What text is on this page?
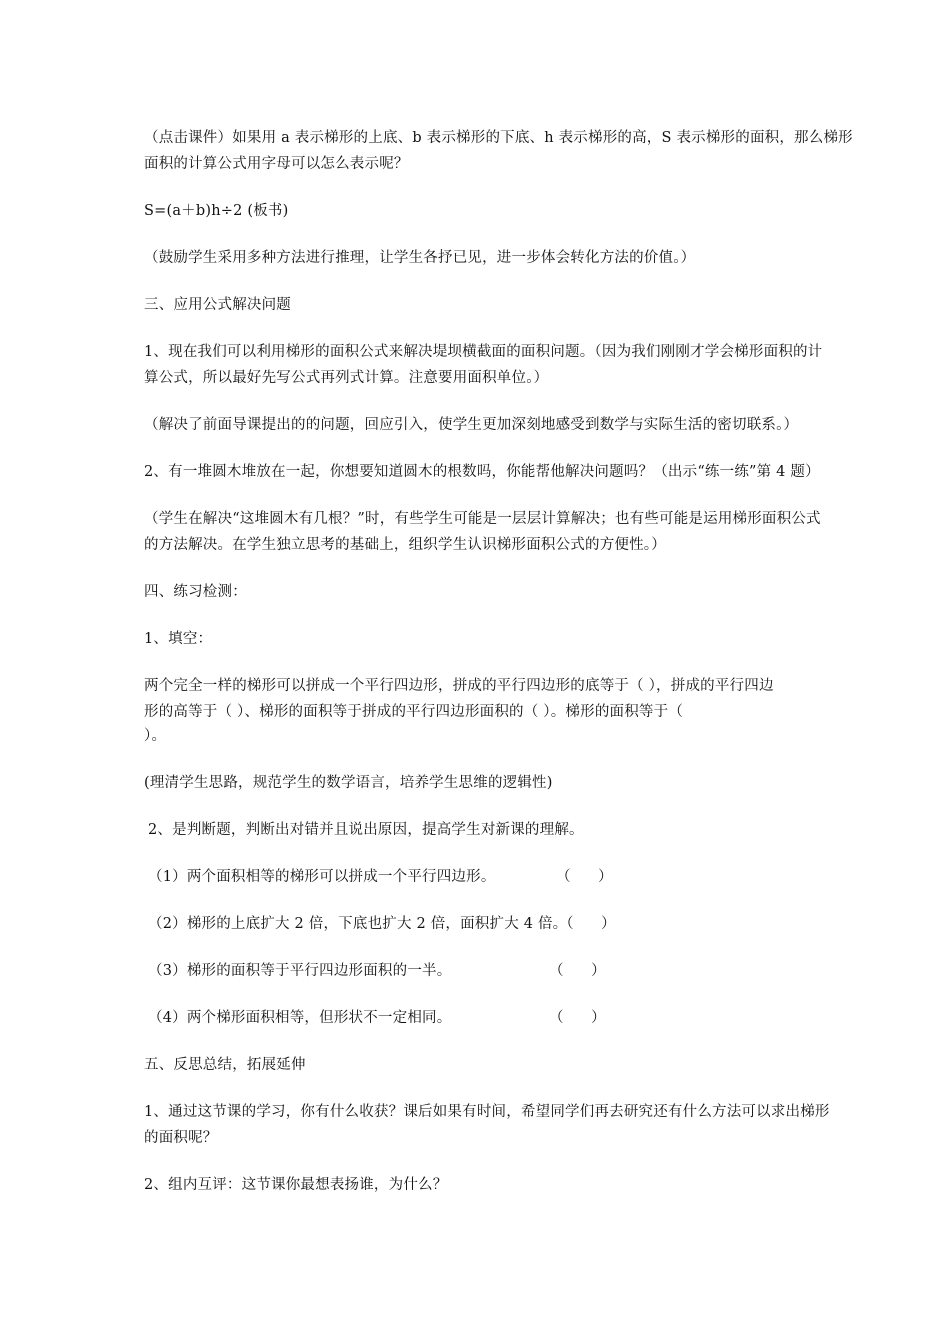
（点击课件）如果用 a 表示梯形的上底、b 表示梯形的下底、h 表示梯形的高，S 表示梯形的面积，那么梯形
面积的计算公式用字母可以怎么表示呢？
S=(a＋b)h÷2 (板书)
（鼓励学生采用多种方法进行推理，让学生各抒已见，进一步体会转化方法的价值。）
三、应用公式解决问题
1、现在我们可以利用梯形的面积公式来解决堤坝横截面的面积问题。（因为我们刚刚才学会梯形面积的计
算公式，所以最好先写公式再列式计算。注意要用面积单位。）
（解决了前面导课提出的的问题，回应引入，使学生更加深刻地感受到数学与实际生活的密切联系。）
2、有一堆圆木堆放在一起，你想要知道圆木的根数吗，你能帮他解决问题吗？（出示“练一练”第 4 题）
（学生在解决“这堆圆木有几根？”时，有些学生可能是一层层计算解决；也有些可能是运用梯形面积公式
的方法解决。在学生独立思考的基础上，组织学生认识梯形面积公式的方便性。）
四、练习检测：
1、填空：
两个完全一样的梯形可以拼成一个平行四边形，拼成的平行四边形的底等于（ ），拼成的平行四边
形的高等于（ ）、梯形的面积等于拼成的平行四边形面积的（ ）。梯形的面积等于（
）。
(理清学生思路，规范学生的数学语言，培养学生思维的逻辑性)
2、是判断题，判断出对错并且说出原因，提高学生对新课的理解。
（1）两个面积相等的梯形可以拼成一个平行四边形。	（      ）
（2）梯形的上底扩大 2 倍，下底也扩大 2 倍，面积扩大 4 倍。
（      ）
（3）梯形的面积等于平行四边形面积的一半。	（      ）
（4）两个梯形面积相等，但形状不一定相同。	（      ）
五、反思总结，拓展延伸
1、通过这节课的学习，你有什么收获？课后如果有时间，希望同学们再去研究还有什么方法可以求出梯形
的面积呢？
2、组内互评：这节课你最想表扬谁，为什么？
